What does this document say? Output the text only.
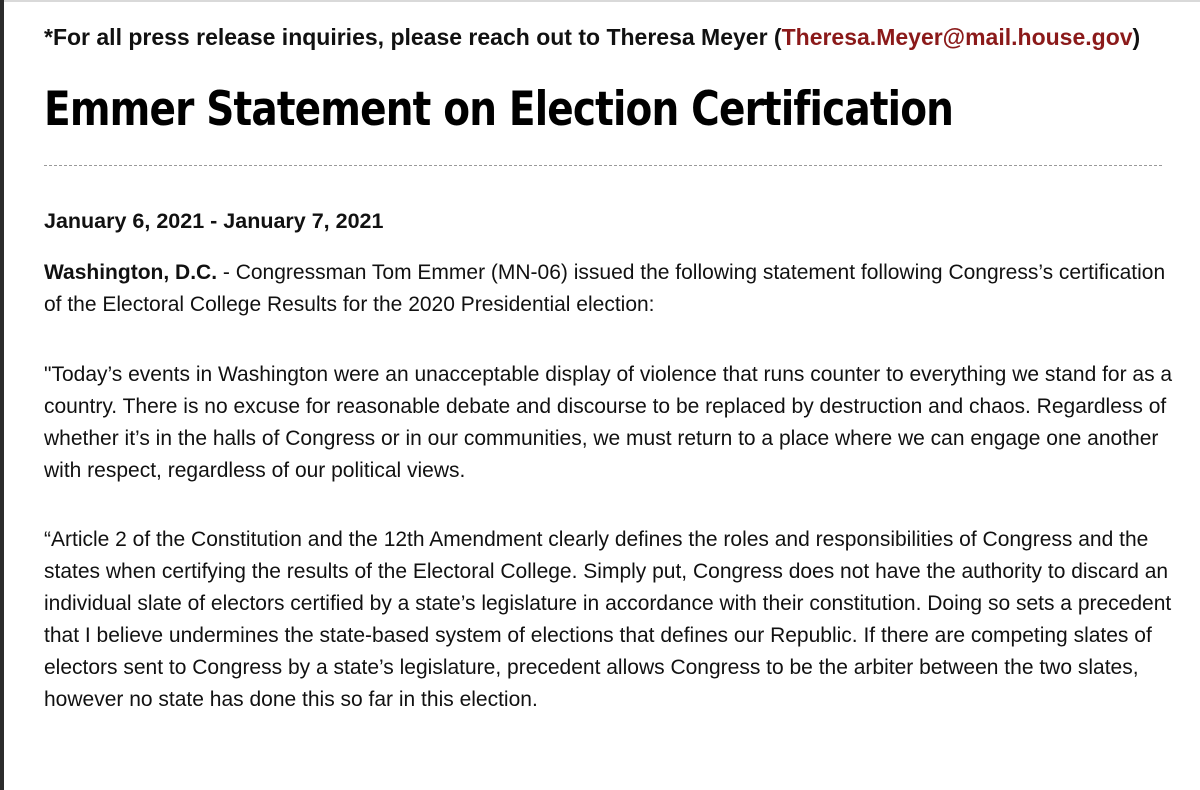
*For all press release inquiries, please reach out to Theresa Meyer (Theresa.Meyer@mail.house.gov)
Emmer Statement on Election Certification
January 6, 2021 - January 7, 2021

Washington, D.C. - Congressman Tom Emmer (MN-06) issued the following statement following Congress’s certification of the Electoral College Results for the 2020 Presidential election:

"Today’s events in Washington were an unacceptable display of violence that runs counter to everything we stand for as a country. There is no excuse for reasonable debate and discourse to be replaced by destruction and chaos. Regardless of whether it’s in the halls of Congress or in our communities, we must return to a place where we can engage one another with respect, regardless of our political views.

“Article 2 of the Constitution and the 12th Amendment clearly defines the roles and responsibilities of Congress and the states when certifying the results of the Electoral College. Simply put, Congress does not have the authority to discard an individual slate of electors certified by a state’s legislature in accordance with their constitution. Doing so sets a precedent that I believe undermines the state-based system of elections that defines our Republic. If there are competing slates of electors sent to Congress by a state’s legislature, precedent allows Congress to be the arbiter between the two slates, however no state has done this so far in this election.
